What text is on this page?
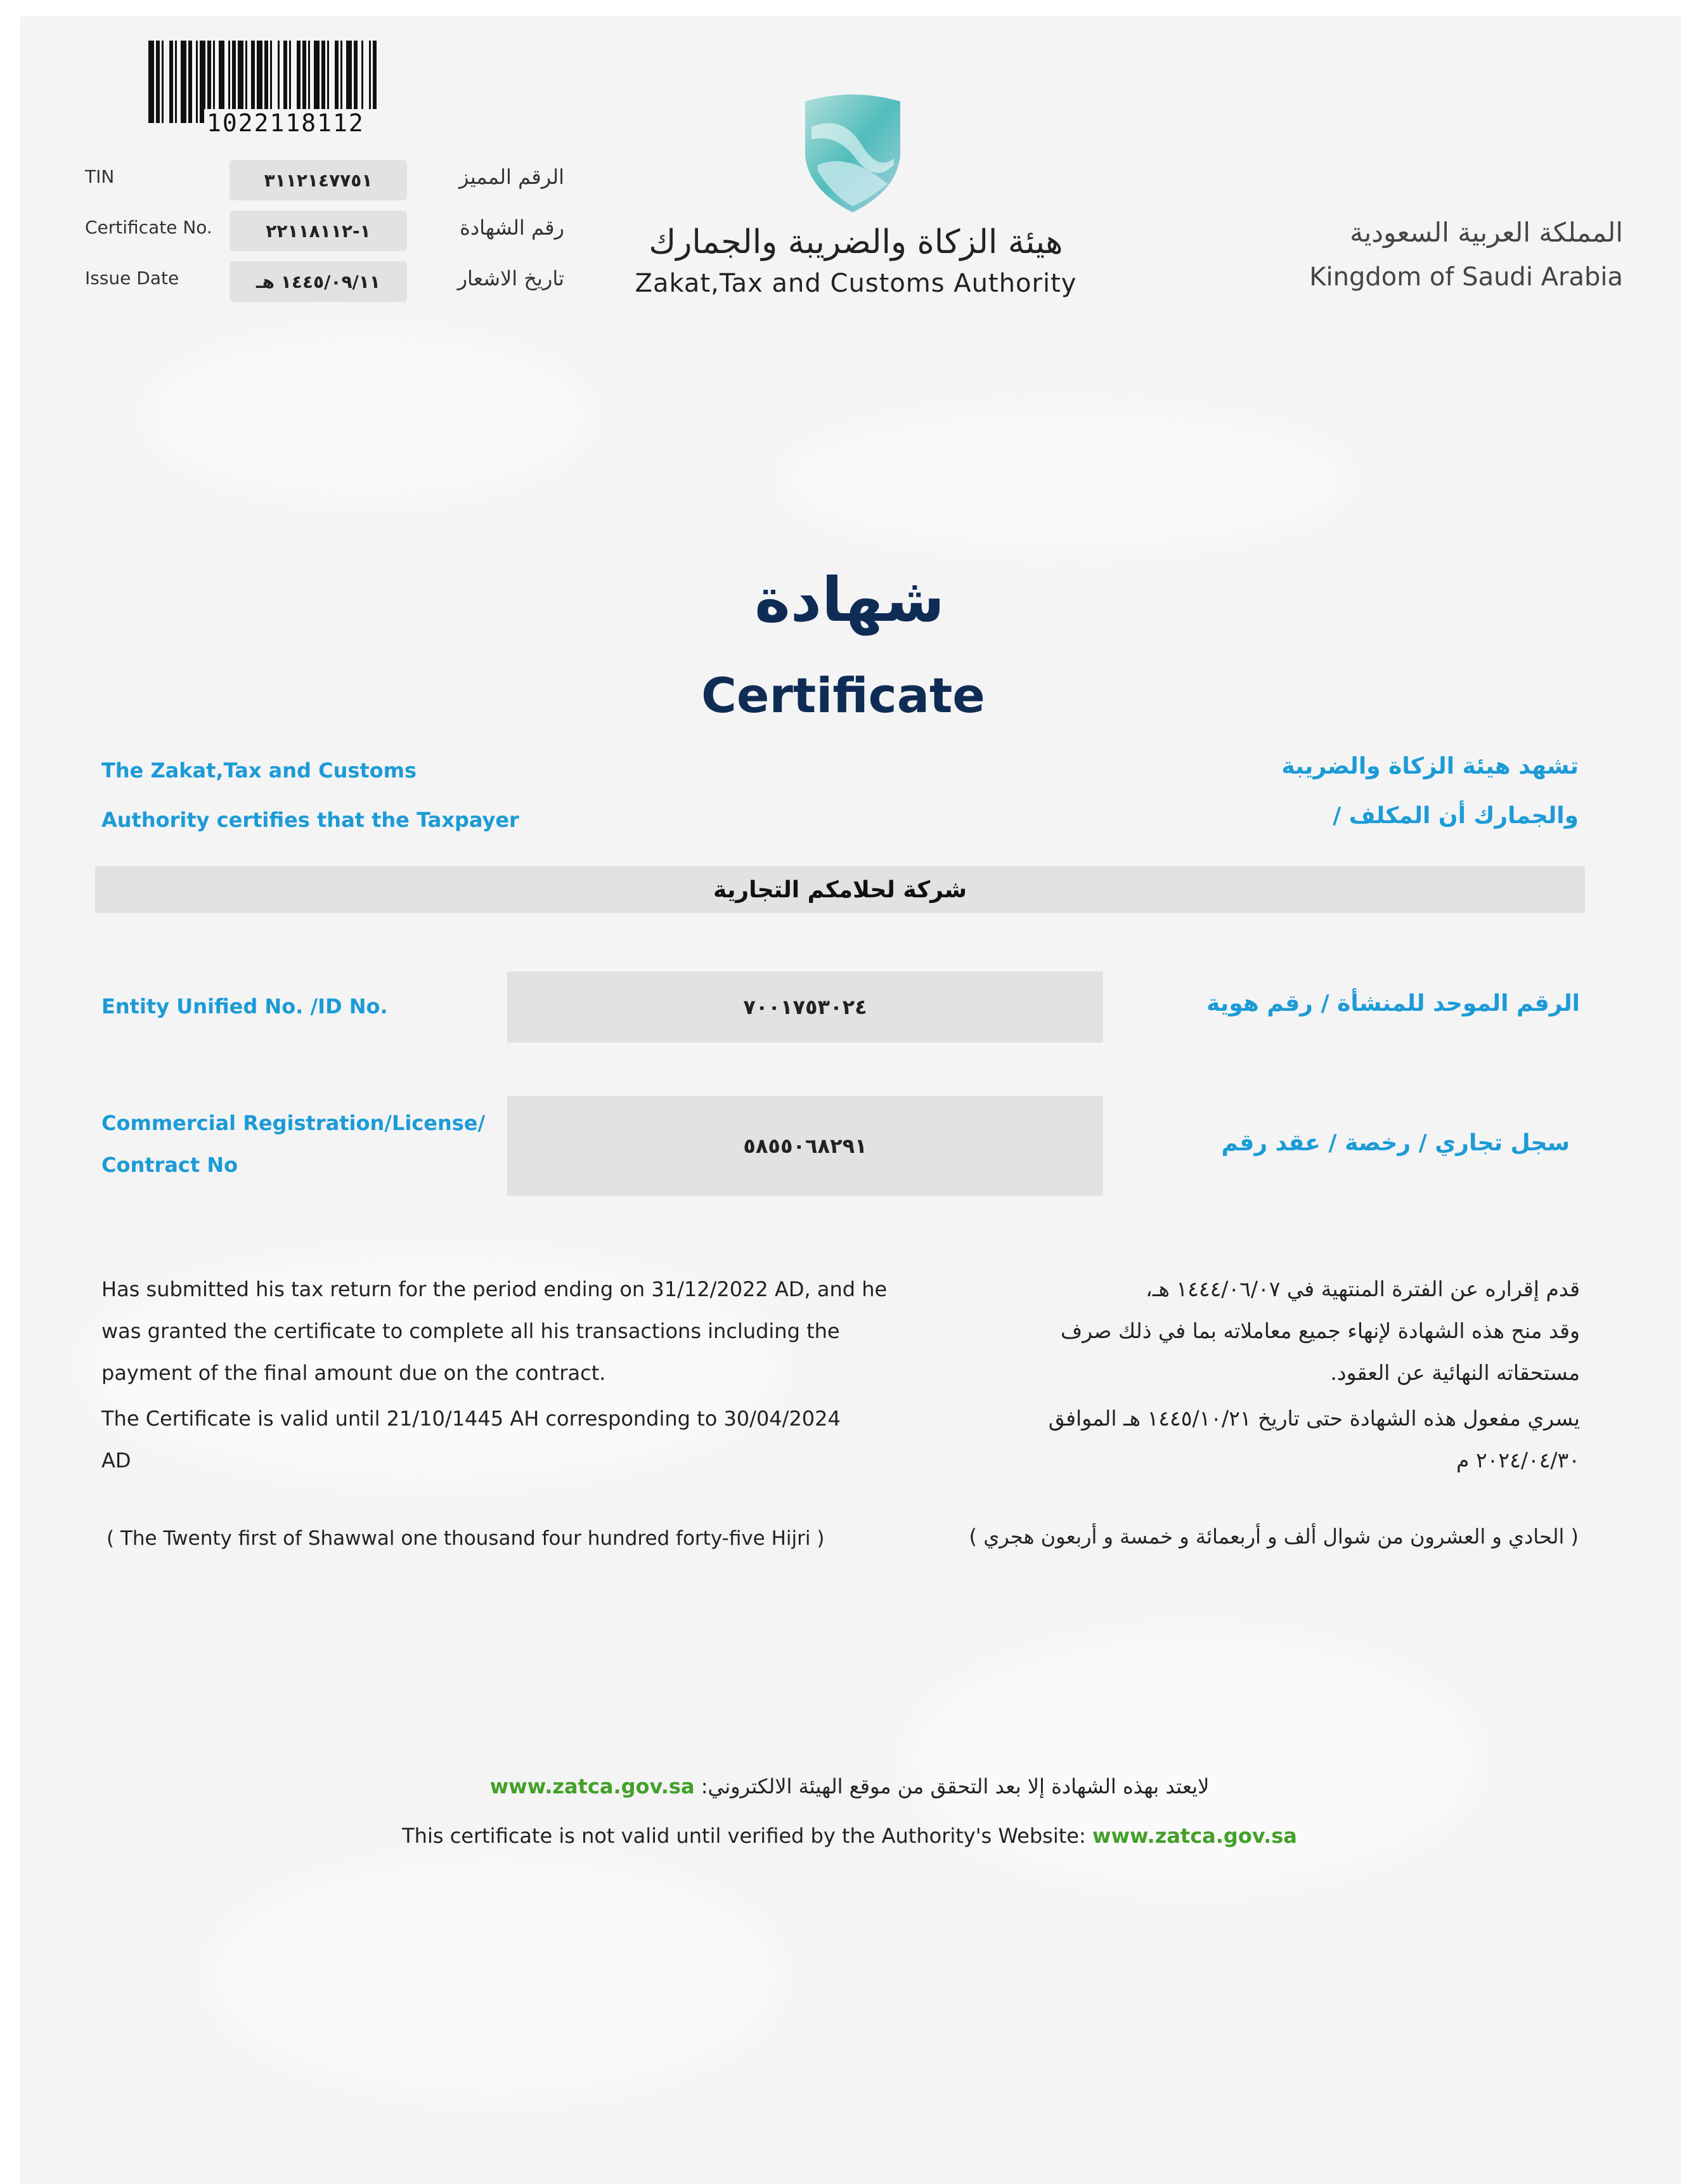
1022118112
TIN	٣١١٢١٤٧٧٥١	الرقم المميز
Certificate No.	١-٢٢١١٨١١٢	رقم الشهادة
Issue Date	١٤٤٥/٠٩/١١ هـ	تاريخ الاشعار
هيئة الزكاة والضريبة والجمارك
Zakat,Tax and Customs Authority
المملكة العربية السعودية
Kingdom of Saudi Arabia
شهادة
Certificate
The Zakat,Tax and Customs
Authority certifies that the Taxpayer
تشهد هيئة الزكاة والضريبة
والجمارك أن المكلف /
شركة لحلامكم التجارية
Entity Unified No. /ID No.	٧٠٠١٧٥٣٠٢٤	الرقم الموحد للمنشأة / رقم هوية
Commercial Registration/License/
Contract No
٥٨٥٥٠٦٨٢٩١	سجل تجاري / رخصة / عقد رقم
Has submitted his tax return for the period ending on 31/12/2022 AD, and he
was granted the certificate to complete all his transactions including the
payment of the final amount due on the contract.
The Certificate is valid until 21/10/1445 AH corresponding to 30/04/2024
AD
قدم إقراره عن الفترة المنتهية في ١٤٤٤/٠٦/٠٧ هـ،
وقد منح هذه الشهادة لإنهاء جميع معاملاته بما في ذلك صرف
مستحقاته النهائية عن العقود.
يسري مفعول هذه الشهادة حتى تاريخ ١٤٤٥/١٠/٢١ هـ الموافق
٢٠٢٤/٠٤/٣٠ م
( The Twenty first of Shawwal one thousand four hundred forty-five Hijri )	( الحادي و العشرون من شوال ألف و أربعمائة و خمسة و أربعون هجري )
لايعتد بهذه الشهادة إلا بعد التحقق من موقع الهيئة الالكتروني: www.zatca.gov.sa
This certificate is not valid until verified by the Authority's Website: www.zatca.gov.sa
